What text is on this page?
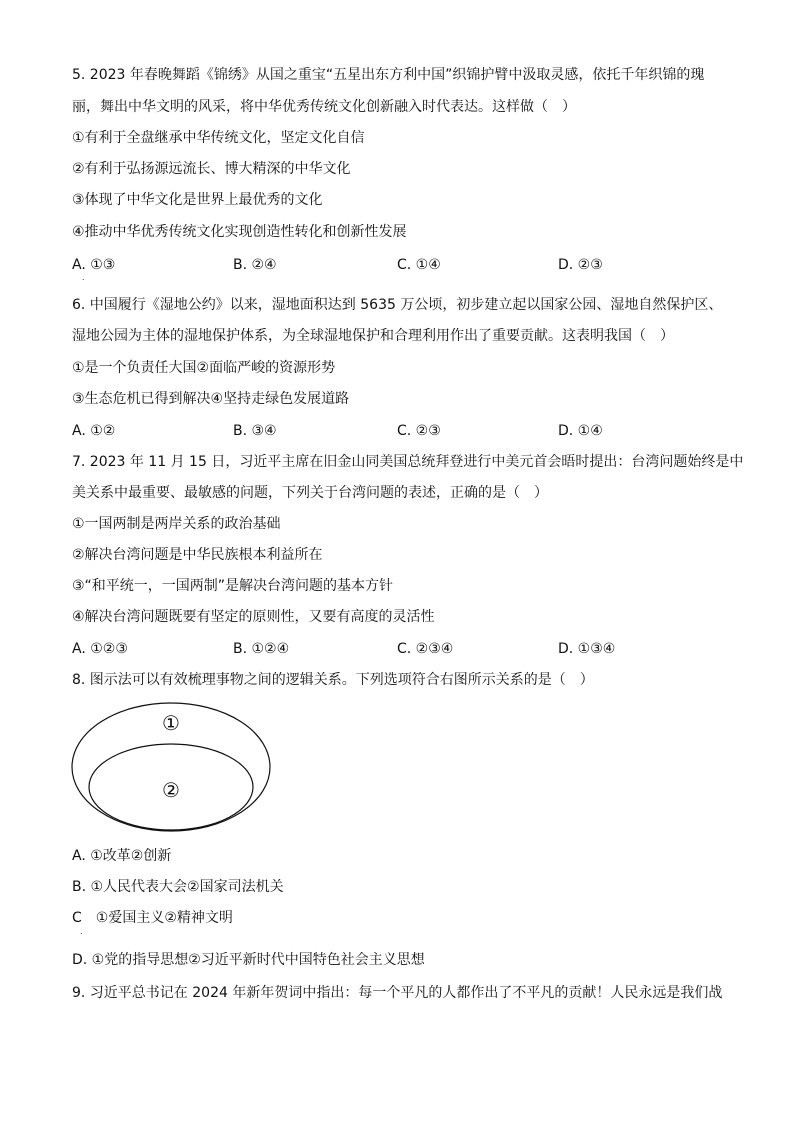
5. 2023 年春晚舞蹈《锦绣》从国之重宝“五星出东方利中国”织锦护臂中汲取灵感，依托千年织锦的瑰
丽，舞出中华文明的风采，将中华优秀传统文化创新融入时代表达。这样做（　）
①有利于全盘继承中华传统文化，坚定文化自信
②有利于弘扬源远流长、博大精深的中华文化
③体现了中华文化是世界上最优秀的文化
④推动中华优秀传统文化实现创造性转化和创新性发展
A. ①③	B. ②④	C. ①④	D. ②③
.
6. 中国履行《湿地公约》以来，湿地面积达到 5635 万公顷，初步建立起以国家公园、湿地自然保护区、
湿地公园为主体的湿地保护体系，为全球湿地保护和合理利用作出了重要贡献。这表明我国（　）
①是一个负责任大国②面临严峻的资源形势
③生态危机已得到解决④坚持走绿色发展道路
A. ①②	B. ③④	C. ②③	D. ①④
7. 2023 年 11 月 15 日，习近平主席在旧金山同美国总统拜登进行中美元首会晤时提出：台湾问题始终是中
美关系中最重要、最敏感的问题，下列关于台湾问题的表述，正确的是（　）
①一国两制是两岸关系的政治基础
②解决台湾问题是中华民族根本利益所在
③“和平统一，一国两制”是解决台湾问题的基本方针
④解决台湾问题既要有坚定的原则性，又要有高度的灵活性
A. ①②③	B. ①②④	C. ②③④	D. ①③④
8. 图示法可以有效梳理事物之间的逻辑关系。下列选项符合右图所示关系的是（　）
①
②
A. ①改革②创新
B. ①人民代表大会②国家司法机关
C　①爱国主义②精神文明
.
D. ①党的指导思想②习近平新时代中国特色社会主义思想
9. 习近平总书记在 2024 年新年贺词中指出：每一个平凡的人都作出了不平凡的贡献！人民永远是我们战
